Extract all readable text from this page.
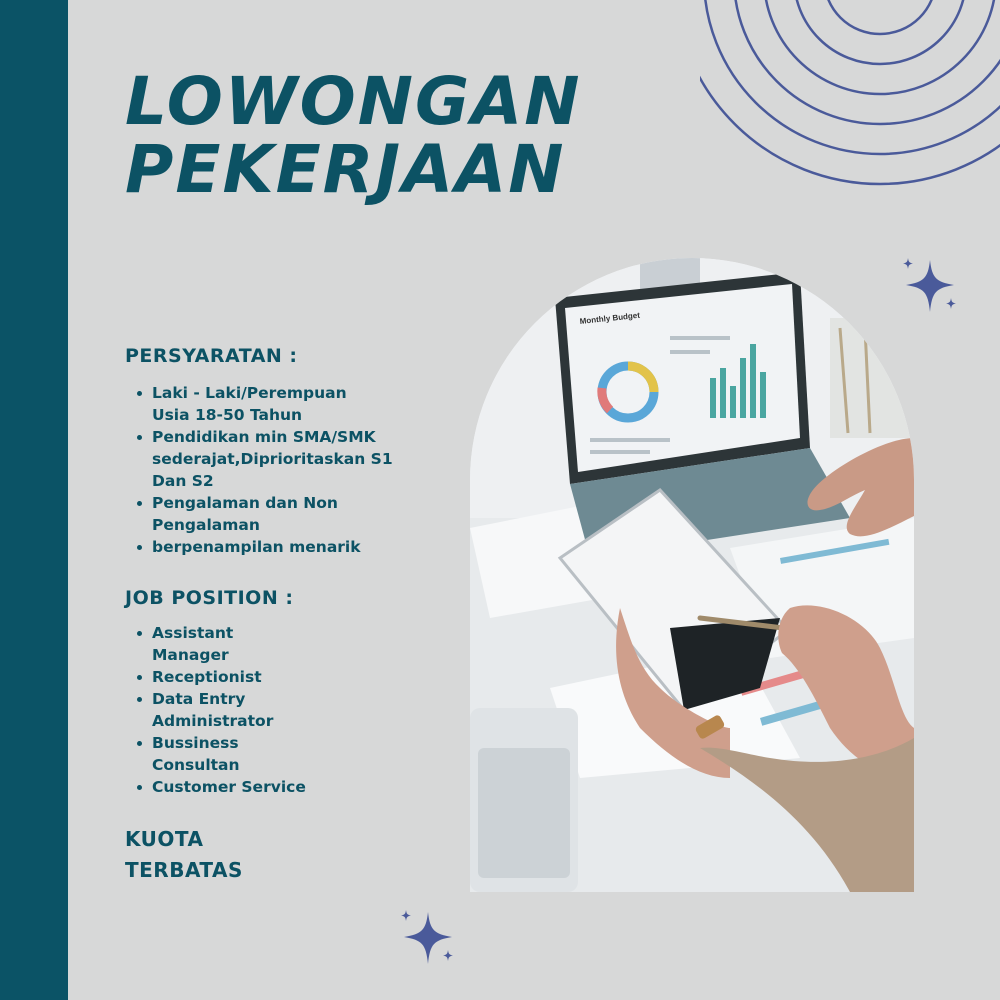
LOWONGAN
PEKERJAAN
PERSYARATAN :
Laki - Laki/Perempuan
Usia 18-50 Tahun
Pendidikan min SMA/SMK
sederajat,Diprioritaskan S1
Dan S2
Pengalaman dan Non
Pengalaman
berpenampilan menarik
JOB POSITION :
Assistant
Manager
Receptionist
Data Entry
Administrator
Bussiness
Consultan
Customer Service
KUOTA
TERBATAS
Monthly Budget
